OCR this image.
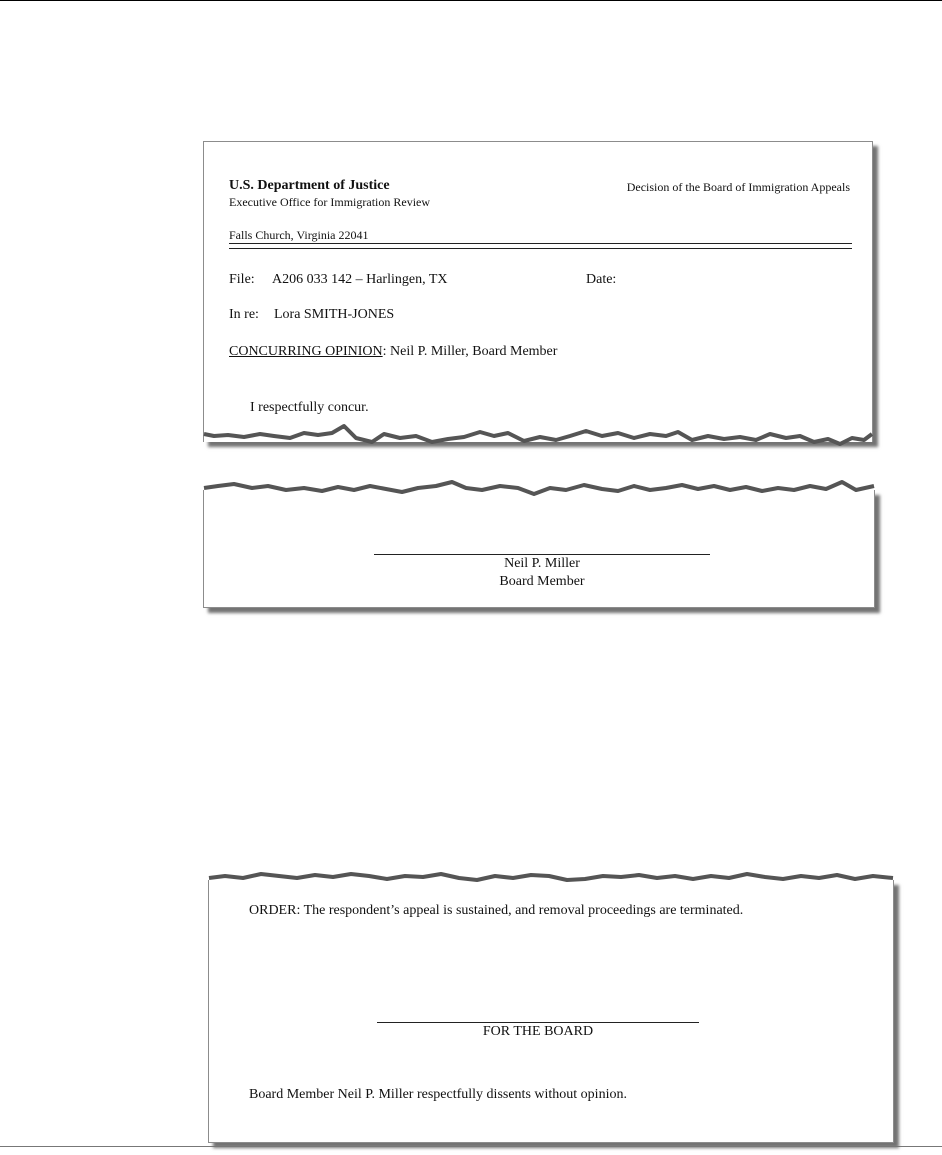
U.S. Department of Justice
Executive Office for Immigration Review
Decision of the Board of Immigration Appeals
Falls Church, Virginia 22041
File: A206 033 142 – Harlingen, TX	Date:
In re: Lora SMITH-JONES
CONCURRING OPINION: Neil P. Miller, Board Member
I respectfully concur.
Neil P. Miller
Board Member
ORDER: The respondent’s appeal is sustained, and removal proceedings are terminated.
FOR THE BOARD
Board Member Neil P. Miller respectfully dissents without opinion.
